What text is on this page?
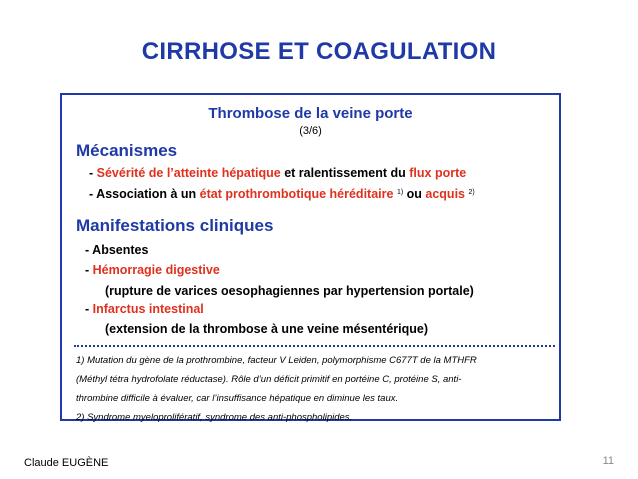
CIRRHOSE ET COAGULATION
Thrombose de la veine porte
(3/6)
Mécanismes
- Sévérité de l’atteinte hépatique et ralentissement du flux porte
- Association à un état prothrombotique héréditaire $^{1)}$ ou acquis $^{2)}$
Manifestations cliniques
- Absentes
- Hémorragie digestive
(rupture de varices oesophagiennes par hypertension portale)
- Infarctus intestinal
(extension de la thrombose à une veine mésentérique)
1) Mutation du gène de la prothrombine, facteur V Leiden, polymorphisme C677T de la MTHFR
(Méthyl tétra hydrofolate réductase). Rôle d’un déficit primitif en portéine C, protéine S, anti-
thrombine difficile à évaluer, car l’insuffisance hépatique en diminue les taux.
2) Syndrome myeloprolifératif, syndrome des anti-phospholipides.
Claude EUGÈNE	11
